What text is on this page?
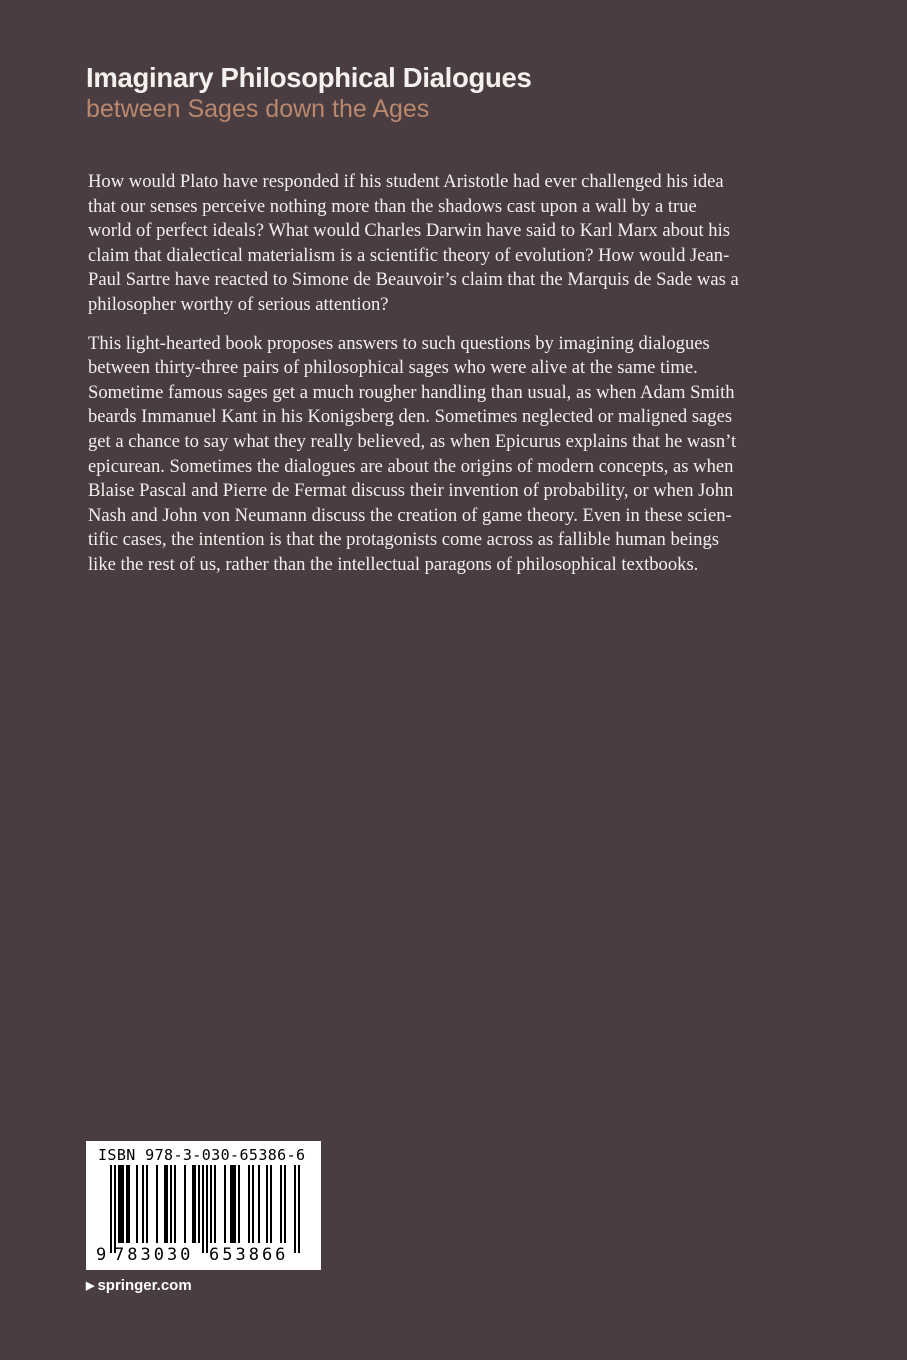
Imaginary Philosophical Dialogues
between Sages down the Ages

How would Plato have responded if his student Aristotle had ever challenged his idea
that our senses perceive nothing more than the shadows cast upon a wall by a true
world of perfect ideals? What would Charles Darwin have said to Karl Marx about his
claim that dialectical materialism is a scientific theory of evolution? How would Jean-
Paul Sartre have reacted to Simone de Beauvoir’s claim that the Marquis de Sade was a
philosopher worthy of serious attention?

This light-hearted book proposes answers to such questions by imagining dialogues
between thirty-three pairs of philosophical sages who were alive at the same time.
Sometime famous sages get a much rougher handling than usual, as when Adam Smith
beards Immanuel Kant in his Konigsberg den. Sometimes neglected or maligned sages
get a chance to say what they really believed, as when Epicurus explains that he wasn’t
epicurean. Sometimes the dialogues are about the origins of modern concepts, as when
Blaise Pascal and Pierre de Fermat discuss their invention of probability, or when John
Nash and John von Neumann discuss the creation of game theory. Even in these scien-
tific cases, the intention is that the protagonists come across as fallible human beings
like the rest of us, rather than the intellectual paragons of philosophical textbooks.

ISBN 978-3-030-65386-6
9 783030 653866
▶ springer.com
